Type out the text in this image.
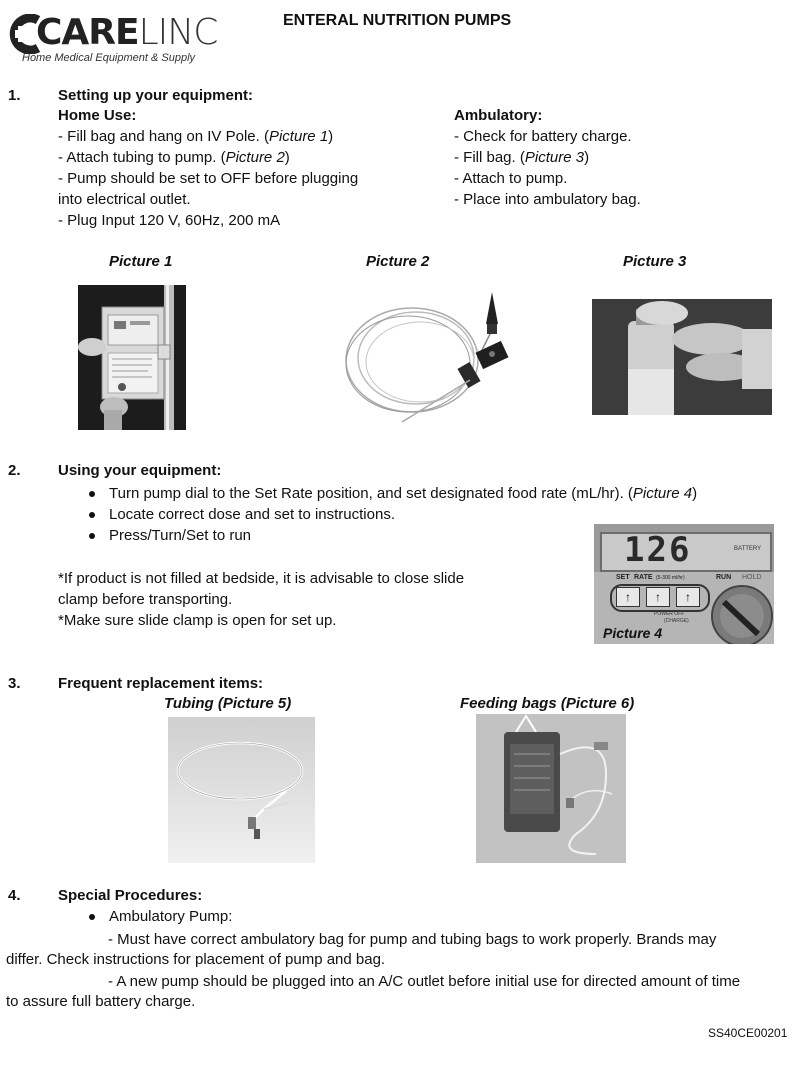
CARELINC
Home Medical Equipment & Supply
ENTERAL NUTRITION PUMPS
1. Setting up your equipment:
Home Use:
- Fill bag and hang on IV Pole. (Picture 1)
- Attach tubing to pump. (Picture 2)
- Pump should be set to OFF before plugging
into electrical outlet.
- Plug Input 120 V, 60Hz, 200 mA
Ambulatory:
- Check for battery charge.
- Fill bag. (Picture 3)
- Attach to pump.
- Place into ambulatory bag.
Picture 1	Picture 2	Picture 3
2. Using your equipment:
Turn pump dial to the Set Rate position, and set designated food rate (mL/hr). (Picture 4)
Locate correct dose and set to instructions.
Press/Turn/Set to run
*If product is not filled at bedside, it is advisable to close slide
clamp before transporting.
*Make sure slide clamp is open for set up.
126	BATTERY
SET RATE (5-300 ml/hr)	RUN HOLD
↑	↑	↑
POWER OFF
(CHARGE)
Picture 4
3. Frequent replacement items:
Tubing (Picture 5)	Feeding bags (Picture 6)
4. Special Procedures:
Ambulatory Pump:
- Must have correct ambulatory bag for pump and tubing bags to work properly. Brands may
differ. Check instructions for placement of pump and bag.
- A new pump should be plugged into an A/C outlet before initial use for directed amount of time
to assure full battery charge.
SS40CE00201
